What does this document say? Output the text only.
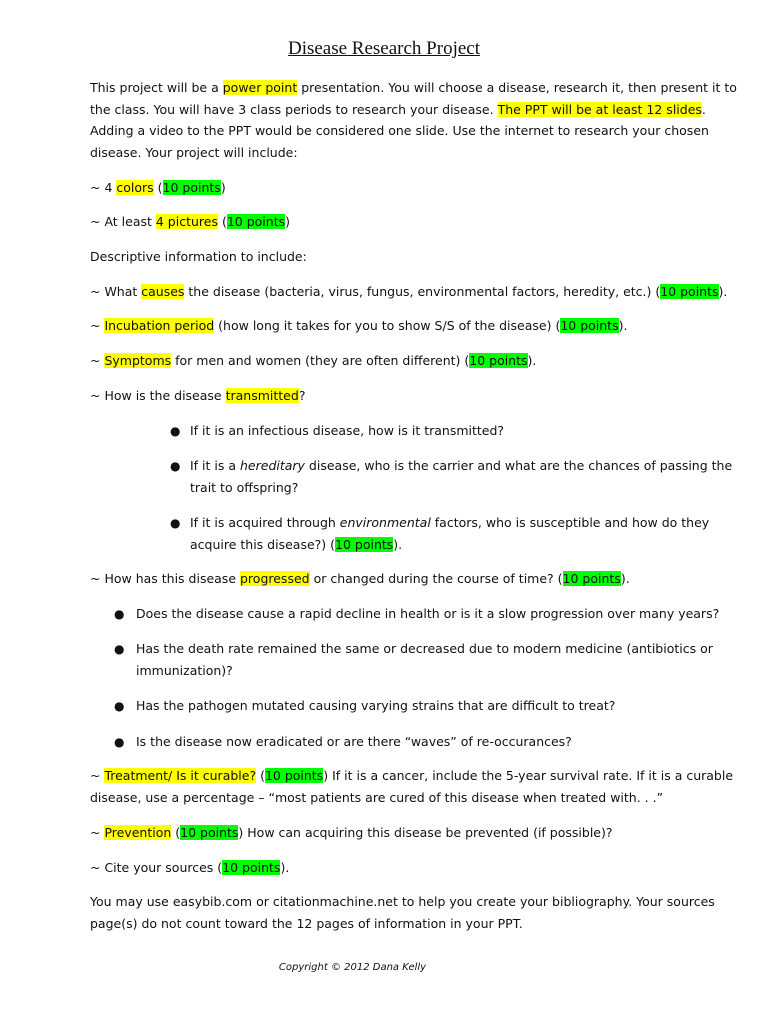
Disease Research Project
This project will be a power point presentation. You will choose a disease, research it, then present it to
the class. You will have 3 class periods to research your disease. The PPT will be at least 12 slides.
Adding a video to the PPT would be considered one slide. Use the internet to research your chosen
disease. Your project will include:
~ 4 colors (10 points)
~ At least 4 pictures (10 points)
Descriptive information to include:
~ What causes the disease (bacteria, virus, fungus, environmental factors, heredity, etc.) (10 points).
~ Incubation period (how long it takes for you to show S/S of the disease) (10 points).
~ Symptoms for men and women (they are often different) (10 points).
~ How is the disease transmitted?
● If it is an infectious disease, how is it transmitted?
● If it is a hereditary disease, who is the carrier and what are the chances of passing the
trait to offspring?
● If it is acquired through environmental factors, who is susceptible and how do they
acquire this disease?) (10 points).
~ How has this disease progressed or changed during the course of time? (10 points).
● Does the disease cause a rapid decline in health or is it a slow progression over many years?
● Has the death rate remained the same or decreased due to modern medicine (antibiotics or
immunization)?
● Has the pathogen mutated causing varying strains that are difficult to treat?
● Is the disease now eradicated or are there “waves” of re-occurances?
~ Treatment/ Is it curable? (10 points) If it is a cancer, include the 5-year survival rate. If it is a curable
disease, use a percentage – “most patients are cured of this disease when treated with. . .”
~ Prevention (10 points) How can acquiring this disease be prevented (if possible)?
~ Cite your sources (10 points).
You may use easybib.com or citationmachine.net to help you create your bibliography. Your sources
page(s) do not count toward the 12 pages of information in your PPT.
Copyright © 2012 Dana Kelly
